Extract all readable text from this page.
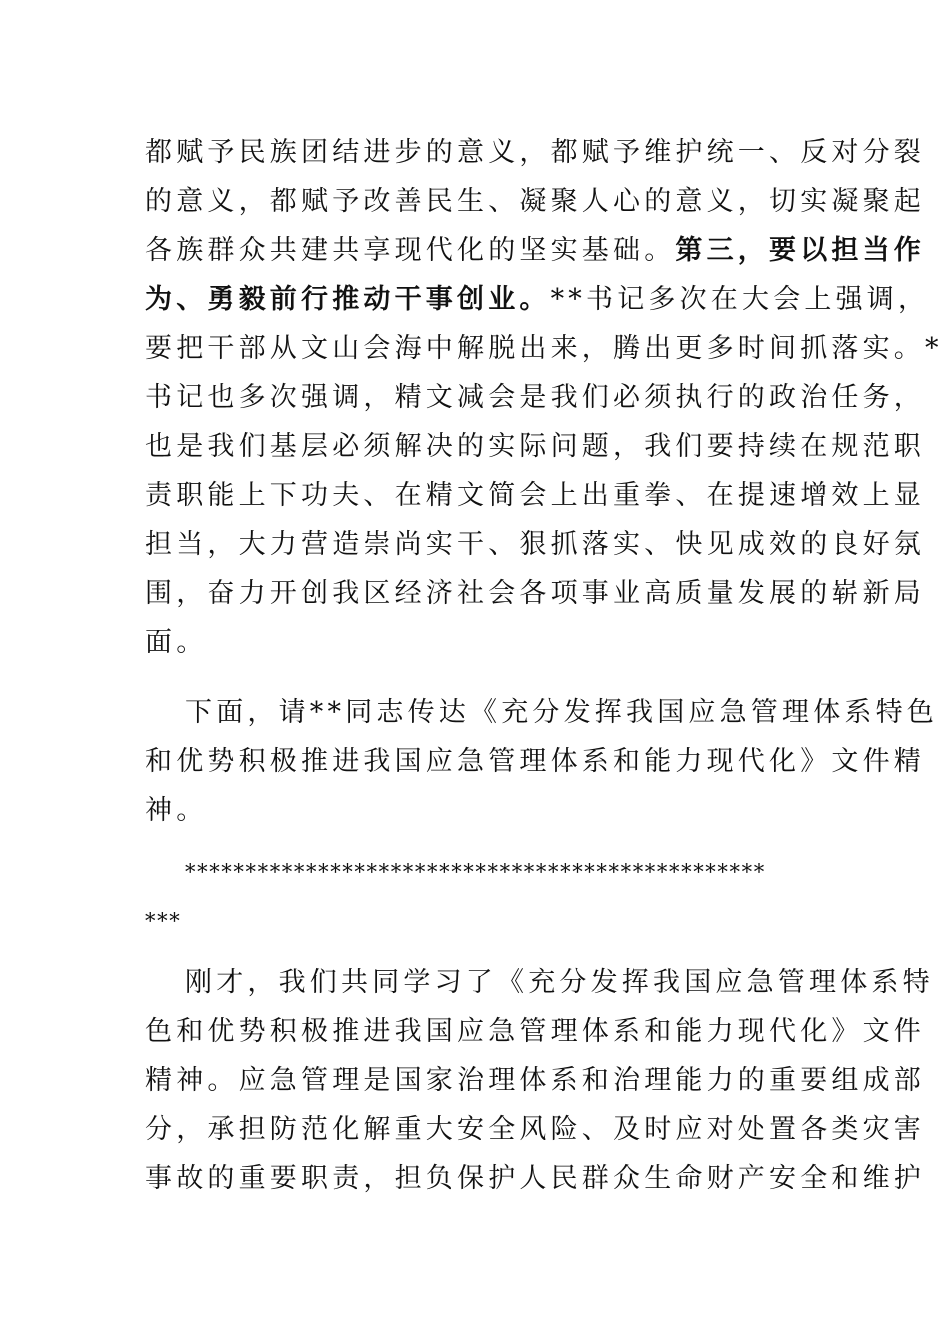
都赋予民族团结进步的意义，都赋予维护统一、反对分裂
的意义，都赋予改善民生、凝聚人心的意义，切实凝聚起
各族群众共建共享现代化的坚实基础。第三，要以担当作
为、勇毅前行推动干事创业。**书记多次在大会上强调，
要把干部从文山会海中解脱出来，腾出更多时间抓落实。*
书记也多次强调，精文减会是我们必须执行的政治任务，
也是我们基层必须解决的实际问题，我们要持续在规范职
责职能上下功夫、在精文简会上出重拳、在提速增效上显
担当，大力营造崇尚实干、狠抓落实、快见成效的良好氛
围，奋力开创我区经济社会各项事业高质量发展的崭新局
面。
下面，请**同志传达《充分发挥我国应急管理体系特色
和优势积极推进我国应急管理体系和能力现代化》文件精
神。
************************************************
***
刚才，我们共同学习了《充分发挥我国应急管理体系特
色和优势积极推进我国应急管理体系和能力现代化》文件
精神。应急管理是国家治理体系和治理能力的重要组成部
分，承担防范化解重大安全风险、及时应对处置各类灾害
事故的重要职责，担负保护人民群众生命财产安全和维护
